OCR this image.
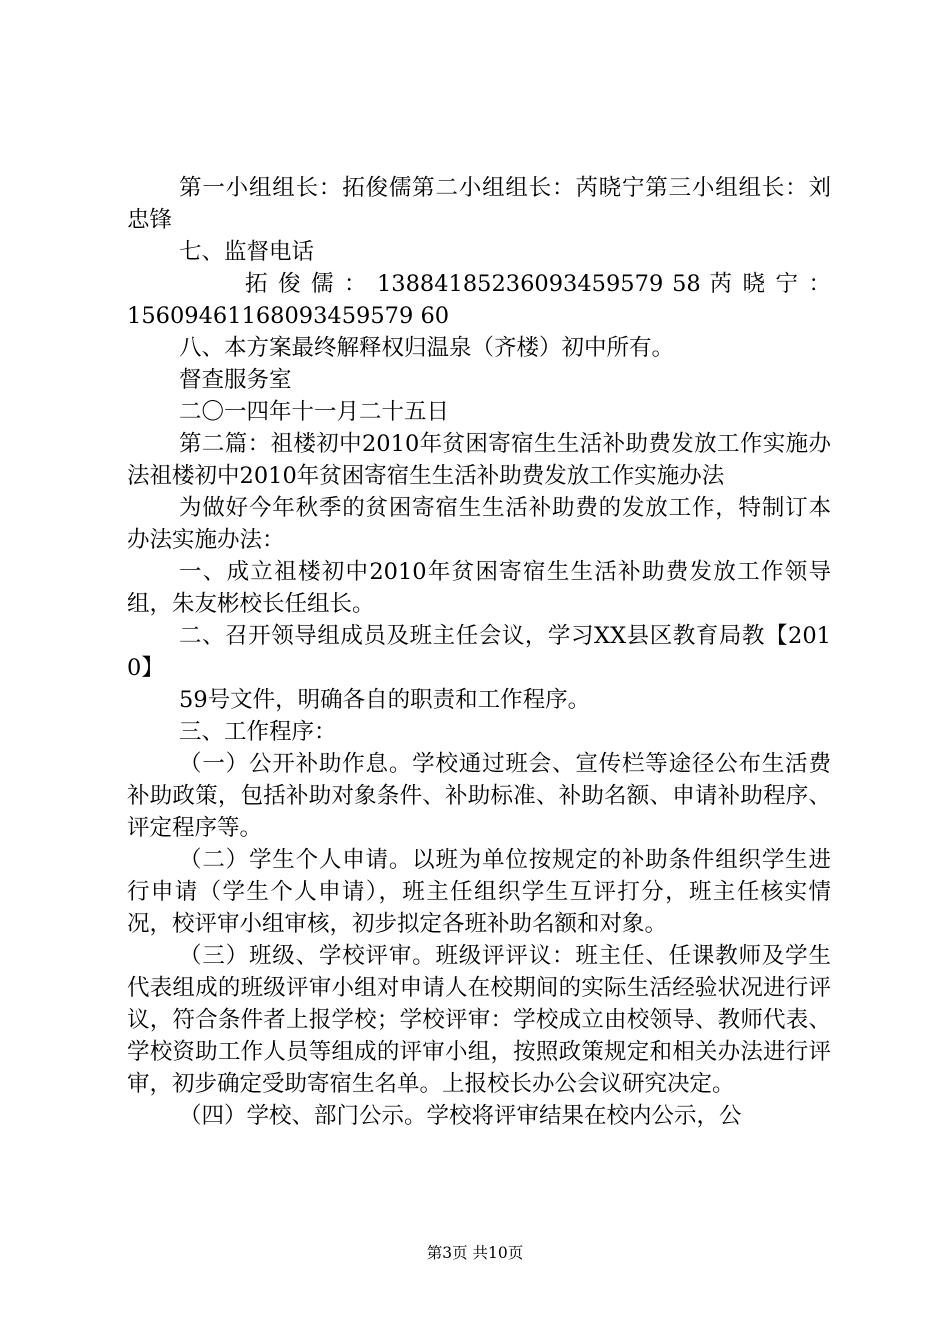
第一小组组长：拓俊儒第二小组组长：芮晓宁第三小组组长：刘忠锋

七、监督电话

拓 俊 儒 ： 13884185236093459579 58 芮 晓 宁 ：

15609461168093459579 60

八、本方案最终解释权归温泉（齐楼）初中所有。

督查服务室

二〇一四年十一月二十五日

第二篇：祖楼初中2010年贫困寄宿生生活补助费发放工作实施办法祖楼初中2010年贫困寄宿生生活补助费发放工作实施办法

为做好今年秋季的贫困寄宿生生活补助费的发放工作，特制订本办法实施办法：

一、成立祖楼初中2010年贫困寄宿生生活补助费发放工作领导组，朱友彬校长任组长。

二、召开领导组成员及班主任会议，学习XX县区教育局教【2010】

59号文件，明确各自的职责和工作程序。

三、工作程序：

（一）公开补助作息。学校通过班会、宣传栏等途径公布生活费补助政策，包括补助对象条件、补助标准、补助名额、申请补助程序、评定程序等。

（二）学生个人申请。以班为单位按规定的补助条件组织学生进行申请（学生个人申请），班主任组织学生互评打分，班主任核实情况，校评审小组审核，初步拟定各班补助名额和对象。

（三）班级、学校评审。班级评评议：班主任、任课教师及学生代表组成的班级评审小组对申请人在校期间的实际生活经验状况进行评议，符合条件者上报学校；学校评审：学校成立由校领导、教师代表、学校资助工作人员等组成的评审小组，按照政策规定和相关办法进行评审，初步确定受助寄宿生名单。上报校长办公会议研究决定。

（四）学校、部门公示。学校将评审结果在校内公示，公

第3页 共10页
